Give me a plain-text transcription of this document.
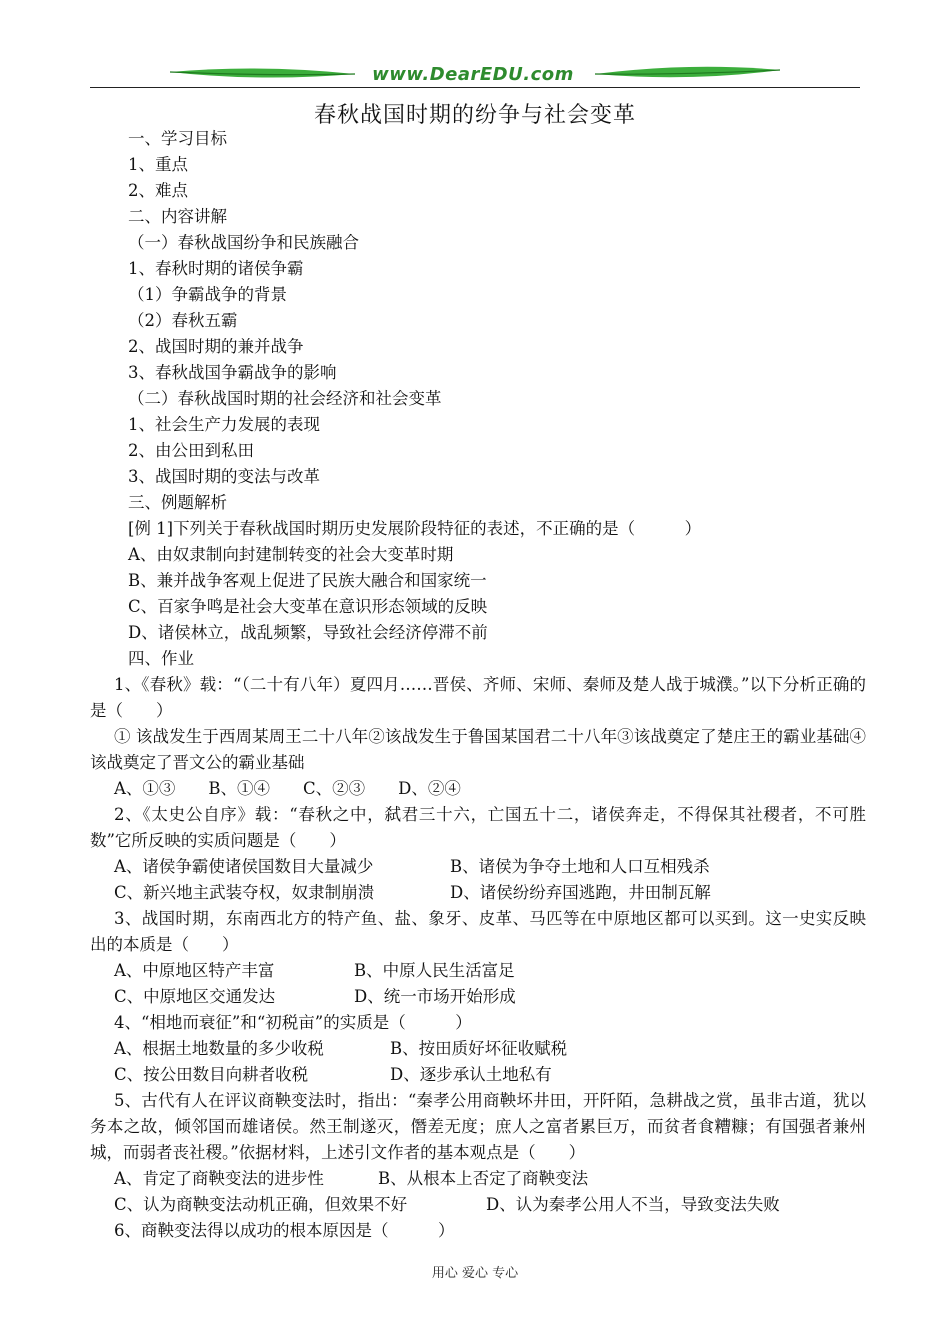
www.DearEDU.com
春秋战国时期的纷争与社会变革
一、学习目标
1、重点
2、难点
二、内容讲解
（一）春秋战国纷争和民族融合
1、春秋时期的诸侯争霸
（1）争霸战争的背景
（2）春秋五霸
2、战国时期的兼并战争
3、春秋战国争霸战争的影响
（二）春秋战国时期的社会经济和社会变革
1、社会生产力发展的表现
2、由公田到私田
3、战国时期的变法与改革
三、例题解析
[例 1]下列关于春秋战国时期历史发展阶段特征的表述，不正确的是（　　　）
A、由奴隶制向封建制转变的社会大变革时期
B、兼并战争客观上促进了民族大融合和国家统一
C、百家争鸣是社会大变革在意识形态领域的反映
D、诸侯林立，战乱频繁，导致社会经济停滞不前
四、作业
1、《春秋》载：“（二十有八年）夏四月……晋侯、齐师、宋师、秦师及楚人战于城濮。”以下分析正确的是（　　）
① 该战发生于西周某周王二十八年②该战发生于鲁国某国君二十八年③该战奠定了楚庄王的霸业基础④该战奠定了晋文公的霸业基础
A、①③　　B、①④　　C、②③　　D、②④
2、《太史公自序》载：“春秋之中，弑君三十六，亡国五十二，诸侯奔走，不得保其社稷者，不可胜数”它所反映的实质问题是（　　）
A、诸侯争霸使诸侯国数目大量减少	B、诸侯为争夺土地和人口互相残杀
C、新兴地主武装夺权，奴隶制崩溃	D、诸侯纷纷弃国逃跑，井田制瓦解
3、战国时期，东南西北方的特产鱼、盐、象牙、皮革、马匹等在中原地区都可以买到。这一史实反映出的本质是（　　）
A、中原地区特产丰富	B、中原人民生活富足
C、中原地区交通发达	D、统一市场开始形成
4、“相地而衰征”和“初税亩”的实质是（　　　）
A、根据土地数量的多少收税	B、按田质好坏征收赋税
C、按公田数目向耕者收税	D、逐步承认土地私有
5、古代有人在评议商鞅变法时，指出：“秦孝公用商鞅坏井田，开阡陌，急耕战之赏，虽非古道，犹以务本之故，倾邻国而雄诸侯。然王制遂灭，僭差无度；庶人之富者累巨万，而贫者食糟糠；有国强者兼州城，而弱者丧社稷。”依据材料，上述引文作者的基本观点是（　　）
A、肯定了商鞅变法的进步性	B、从根本上否定了商鞅变法
C、认为商鞅变法动机正确，但效果不好	D、认为秦孝公用人不当，导致变法失败
6、商鞅变法得以成功的根本原因是（　　　）
用心 爱心 专心
